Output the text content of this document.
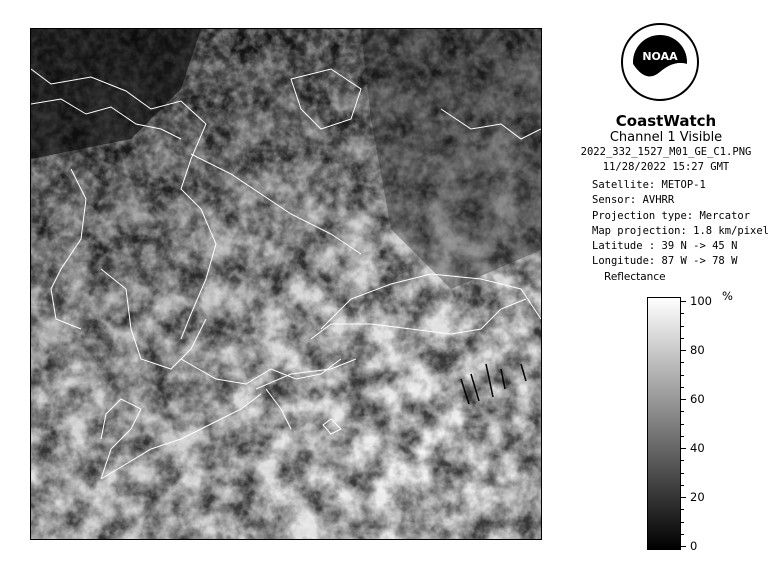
NOAA
CoastWatch
Channel 1 Visible
2022_332_1527_M01_GE_C1.PNG
11/28/2022 15:27 GMT
Satellite: METOP-1
Sensor: AVHRR
Projection type: Mercator
Map projection: 1.8 km/pixel
Latitude : 39 N -> 45 N
Longitude: 87 W -> 78 W
Reflectance
%
100
80
60
40
20
0
